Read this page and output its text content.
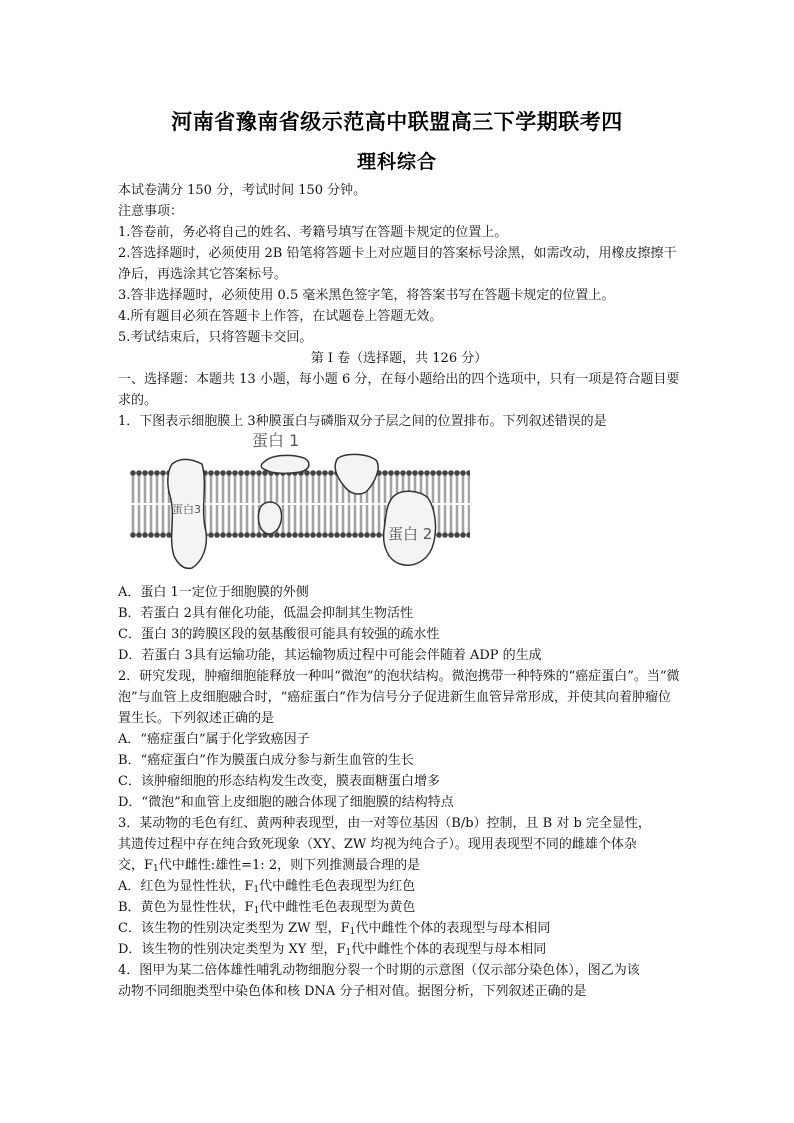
河南省豫南省级示范高中联盟高三下学期联考四
理科综合

本试卷满分 150 分，考试时间 150 分钟。

注意事项：

1.答卷前，务必将自己的姓名、考籍号填写在答题卡规定的位置上。

2.答选择题时，必须使用 2B 铅笔将答题卡上对应题目的答案标号涂黑，如需改动，用橡皮擦擦干净后，再选涂其它答案标号。

3.答非选择题时，必须使用 0.5 毫米黑色签字笔，将答案书写在答题卡规定的位置上。

4.所有题目必须在答题卡上作答，在试题卷上答题无效。

5.考试结束后，只将答题卡交回。

第 I 卷（选择题，共 126 分）

一、选择题：本题共 13 小题，每小题 6 分，在每小题给出的四个选项中，只有一项是符合题目要求的。

1．下图表示细胞膜上 3种膜蛋白与磷脂双分子层之间的位置排布。下列叙述错误的是

蛋白 1
蛋白 2
蛋白3

A．蛋白 1一定位于细胞膜的外侧

B．若蛋白 2具有催化功能，低温会抑制其生物活性

C．蛋白 3的跨膜区段的氨基酸很可能具有较强的疏水性

D．若蛋白 3具有运输功能，其运输物质过程中可能会伴随着 ADP 的生成

2．研究发现，肿瘤细胞能释放一种叫“微泡”的泡状结构。微泡携带一种特殊的“癌症蛋白”。当“微泡”与血管上皮细胞融合时，“癌症蛋白”作为信号分子促进新生血管异常形成，并使其向着肿瘤位置生长。下列叙述正确的是

A．“癌症蛋白”属于化学致癌因子

B．“癌症蛋白”作为膜蛋白成分参与新生血管的生长

C．该肿瘤细胞的形态结构发生改变，膜表面糖蛋白增多

D．“微泡”和血管上皮细胞的融合体现了细胞膜的结构特点

3．某动物的毛色有红、黄两种表现型，由一对等位基因（B/b）控制，且 B 对 b 完全显性，

其遗传过程中存在纯合致死现象（XY、ZW 均视为纯合子）。现用表现型不同的雌雄个体杂

交，$F_1$代中雌性:雄性=1: 2，则下列推测最合理的是

A．红色为显性性状，$F_1$代中雌性毛色表现型为红色

B．黄色为显性性状，$F_1$代中雌性毛色表现型为黄色

C．该生物的性别决定类型为 ZW 型，$F_1$代中雌性个体的表现型与母本相同

D．该生物的性别决定类型为 XY 型，$F_1$代中雌性个体的表现型与母本相同

4．图甲为某二倍体雄性哺乳动物细胞分裂一个时期的示意图（仅示部分染色体），图乙为该

动物不同细胞类型中染色体和核 DNA 分子相对值。据图分析，下列叙述正确的是
